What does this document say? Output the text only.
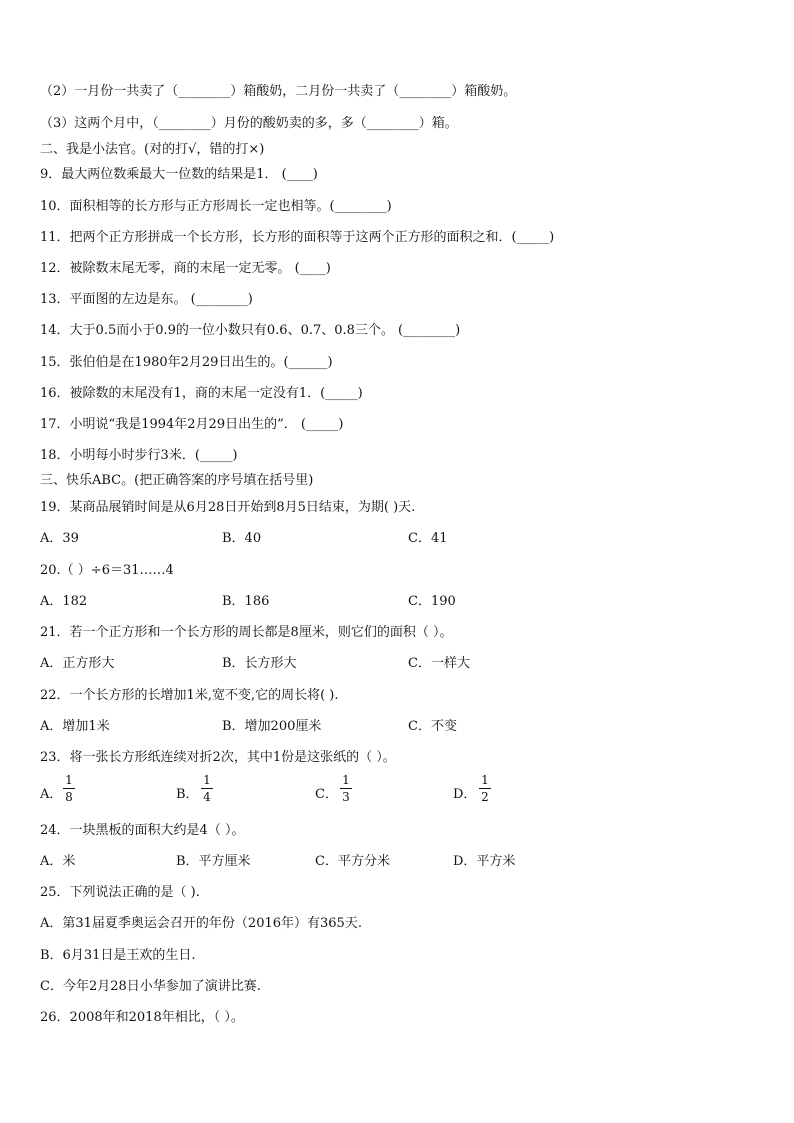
（2）一月份一共卖了（________）箱酸奶，二月份一共卖了（________）箱酸奶。
（3）这两个月中，（________）月份的酸奶卖的多，多（________）箱。
二、我是小法官。(对的打√，错的打×)
9．最大两位数乘最大一位数的结果是1． (____)
10．面积相等的长方形与正方形周长一定也相等。(________)
11．把两个正方形拼成一个长方形，长方形的面积等于这两个正方形的面积之和．(_____)
12．被除数末尾无零，商的末尾一定无零。 (____)
13．平面图的左边是东。 (________)
14．大于0.5而小于0.9的一位小数只有0.6、0.7、0.8三个。 (________)
15．张伯伯是在1980年2月29日出生的。(______)
16．被除数的末尾没有1，商的末尾一定没有1．(_____)
17．小明说“我是1994年2月29日出生的”． (_____)
18．小明每小时步行3米．(_____)
三、快乐ABC。(把正确答案的序号填在括号里)
19．某商品展销时间是从6月28日开始到8月5日结束，为期( )天.
A．39	B．40	C．41
20.（ ）÷6＝31……4
A．182	B．186	C．190
21．若一个正方形和一个长方形的周长都是8厘米，则它们的面积（ ）。
A．正方形大	B．长方形大	C．一样大
22．一个长方形的长增加1米,宽不变,它的周长将( ).
A．增加1米	B．增加200厘米	C．不变
23．将一张长方形纸连续对折2次，其中1份是这张纸的（ ）。
A．
1
8	B．
1
4	C．
1
3	D．
1
2
24．一块黑板的面积大约是4（ ）。
A．米	B．平方厘米	C．平方分米	D．平方米
25．下列说法正确的是（ ).
A．第31届夏季奥运会召开的年份（2016年）有365天.
B．6月31日是王欢的生日.
C．今年2月28日小华参加了演讲比赛.
26．2008年和2018年相比，（ ）。
